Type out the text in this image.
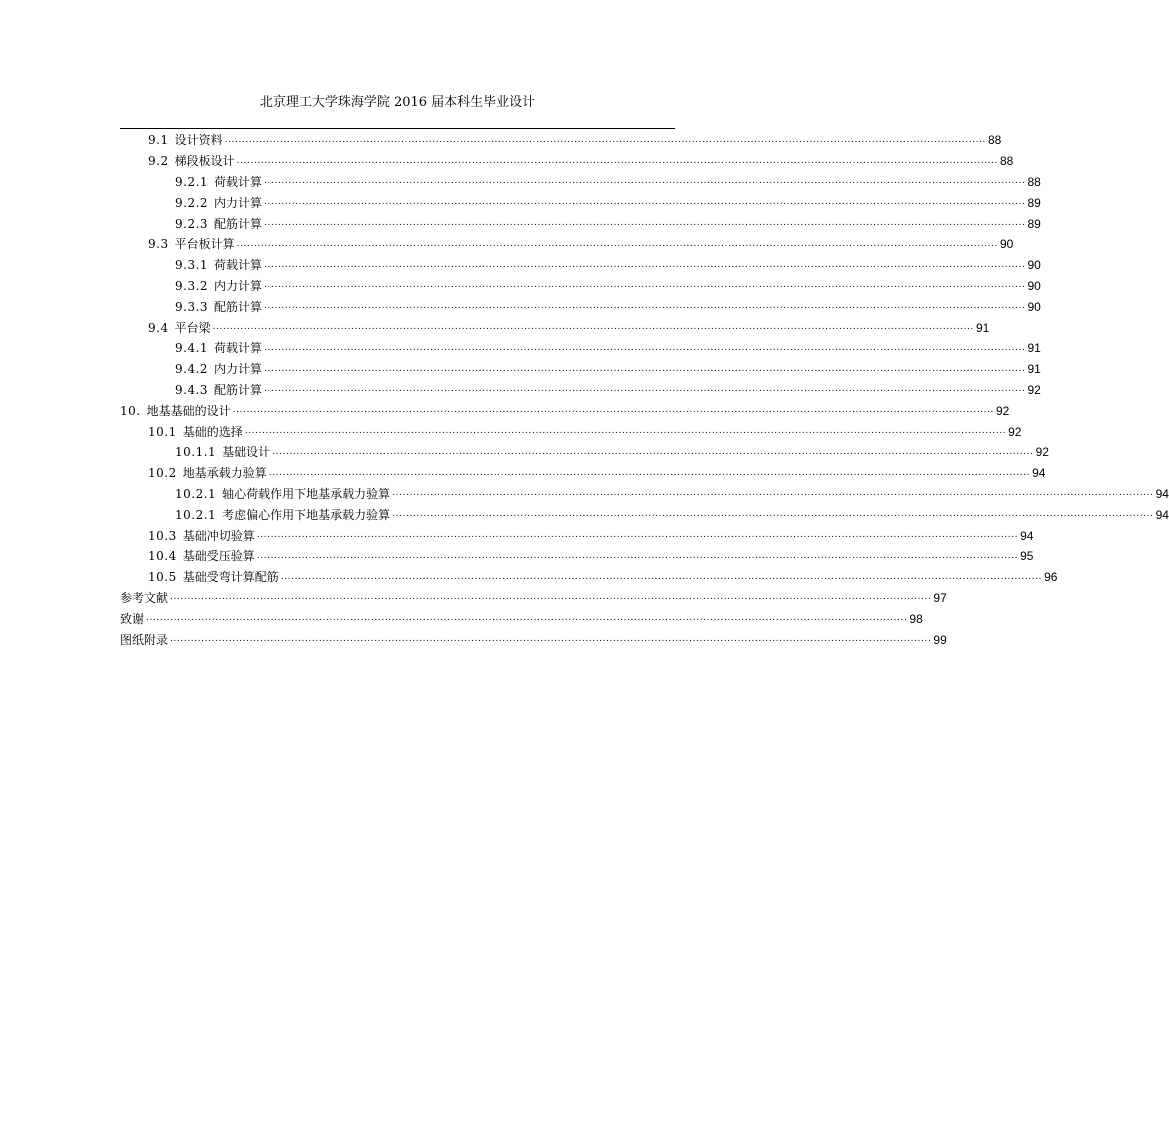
北京理工大学珠海学院 2016 届本科生毕业设计
9.1 设计资料 ............................................................................................................................................................................................................................ 88
9.2 梯段板设计 ............................................................................................................................................................................................................................ 88
9.2.1 荷载计算 ............................................................................................................................................................................................................................ 88
9.2.2 内力计算 ............................................................................................................................................................................................................................ 89
9.2.3 配筋计算 ............................................................................................................................................................................................................................ 89
9.3 平台板计算 ............................................................................................................................................................................................................................ 90
9.3.1 荷载计算 ............................................................................................................................................................................................................................ 90
9.3.2 内力计算 ............................................................................................................................................................................................................................ 90
9.3.3 配筋计算 ............................................................................................................................................................................................................................ 90
9.4 平台梁 ............................................................................................................................................................................................................................ 91
9.4.1 荷载计算 ............................................................................................................................................................................................................................ 91
9.4.2 内力计算 ............................................................................................................................................................................................................................ 91
9.4.3 配筋计算 ............................................................................................................................................................................................................................ 92
10. 地基基础的设计 ............................................................................................................................................................................................................................ 92
10.1 基础的选择 ............................................................................................................................................................................................................................ 92
10.1.1 基础设计 ............................................................................................................................................................................................................................ 92
10.2 地基承载力验算 ............................................................................................................................................................................................................................ 94
10.2.1 轴心荷载作用下地基承载力验算 ............................................................................................................................................................................................................................ 94
10.2.1 考虑偏心作用下地基承载力验算 ............................................................................................................................................................................................................................ 94
10.3 基础冲切验算 ............................................................................................................................................................................................................................ 94
10.4 基础受压验算 ............................................................................................................................................................................................................................ 95
10.5 基础受弯计算配筋 ............................................................................................................................................................................................................................ 96
参考文献 ............................................................................................................................................................................................................................ 97
致谢 ............................................................................................................................................................................................................................ 98
图纸附录 ............................................................................................................................................................................................................................ 99
